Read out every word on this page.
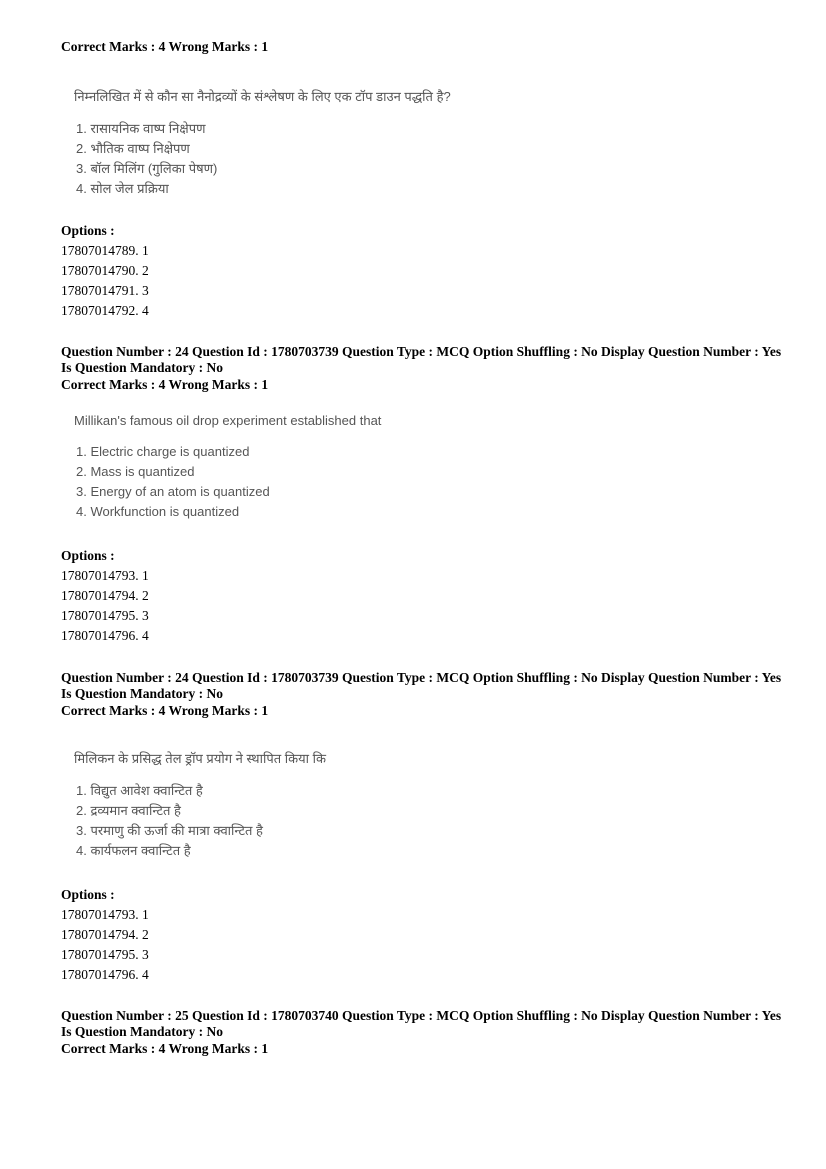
Correct Marks : 4 Wrong Marks : 1
निम्नलिखित में से कौन सा नैनोद्रव्यों के संश्लेषण के लिए एक टॉप डाउन पद्धति है?
1. रासायनिक वाष्प निक्षेपण
2. भौतिक वाष्प निक्षेपण
3. बॉल मिलिंग (गुलिका पेषण)
4. सोल जेल प्रक्रिया
Options :
17807014789. 1
17807014790. 2
17807014791. 3
17807014792. 4
Question Number : 24 Question Id : 1780703739 Question Type : MCQ Option Shuffling : No Display Question Number : Yes
Is Question Mandatory : No
Correct Marks : 4 Wrong Marks : 1
Millikan's famous oil drop experiment established that
1. Electric charge is quantized
2. Mass is quantized
3. Energy of an atom is quantized
4. Workfunction is quantized
Options :
17807014793. 1
17807014794. 2
17807014795. 3
17807014796. 4
Question Number : 24 Question Id : 1780703739 Question Type : MCQ Option Shuffling : No Display Question Number : Yes
Is Question Mandatory : No
Correct Marks : 4 Wrong Marks : 1
मिलिकन के प्रसिद्ध तेल ड्रॉप प्रयोग ने स्थापित किया कि
1. विद्युत आवेश क्वान्टित है
2. द्रव्यमान क्वान्टित है
3. परमाणु की ऊर्जा की मात्रा क्वान्टित है
4. कार्यफलन क्वान्टित है
Options :
17807014793. 1
17807014794. 2
17807014795. 3
17807014796. 4
Question Number : 25 Question Id : 1780703740 Question Type : MCQ Option Shuffling : No Display Question Number : Yes
Is Question Mandatory : No
Correct Marks : 4 Wrong Marks : 1
